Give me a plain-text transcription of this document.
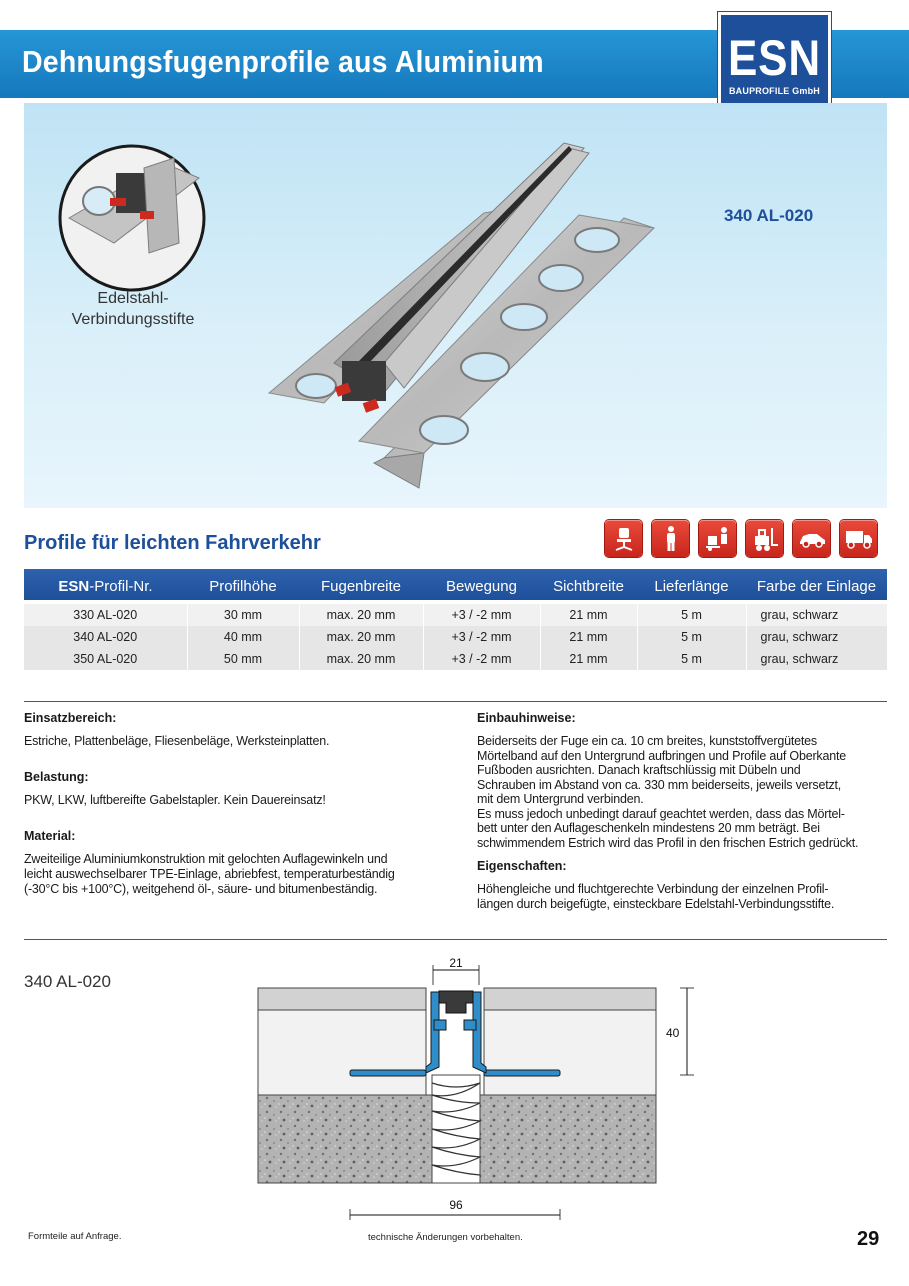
Dehnungsfugenprofile aus Aluminium	ESN
BAUPROFILE GmbH
340 AL-020
Edelstahl-
Verbindungsstifte
Profile für leichten Fahrverkehr
ESN-Profil-Nr.	Profilhöhe	Fugenbreite	Bewegung	Sichtbreite	Lieferlänge	Farbe der Einlage

330 AL-020	30 mm	max. 20 mm	+3 / -2 mm	21 mm	5 m	grau, schwarz
340 AL-020	40 mm	max. 20 mm	+3 / -2 mm	21 mm	5 m	grau, schwarz
350 AL-020	50 mm	max. 20 mm	+3 / -2 mm	21 mm	5 m	grau, schwarz
Einsatzbereich:

Estriche, Plattenbeläge, Fliesenbeläge, Werksteinplatten.

Belastung:

PKW, LKW, luftbereifte Gabelstapler. Kein Dauereinsatz!

Material:
Zweiteilige Aluminiumkonstruktion mit gelochten Auflagewinkeln und
leicht auswechselbarer TPE-Einlage, abriebfest, temperaturbeständig
(-30°C bis +100°C), weitgehend öl-, säure- und bitumenbeständig.
Einbauhinweise:
Beiderseits der Fuge ein ca. 10 cm breites, kunststoffvergütetes
Mörtelband auf den Untergrund aufbringen und Profile auf Oberkante
Fußboden ausrichten. Danach kraftschlüssig mit Dübeln und
Schrauben im Abstand von ca. 330 mm beiderseits, jeweils versetzt,
mit dem Untergrund verbinden.
Es muss jedoch unbedingt darauf geachtet werden, dass das Mörtel-
bett unter den Auflageschenkeln mindestens 20 mm beträgt. Bei
schwimmendem Estrich wird das Profil in den frischen Estrich gedrückt.
Eigenschaften:
Höhengleiche und fluchtgerechte Verbindung der einzelnen Profil-
längen durch beigefügte, einsteckbare Edelstahl-Verbindungsstifte.
340 AL-020
21
40
96
Formteile auf Anfrage.	technische Änderungen vorbehalten.	29
